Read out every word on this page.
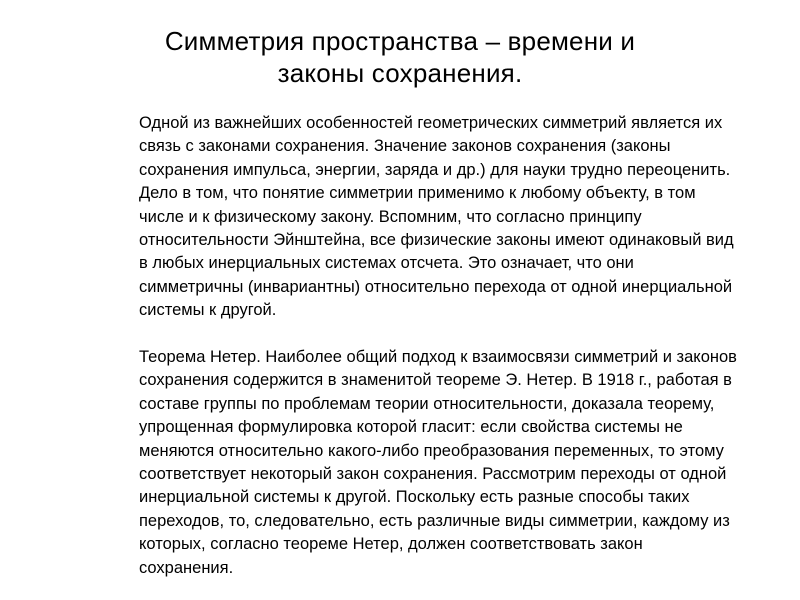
Симметрия пространства – времени и
законы сохранения.
Одной из важнейших особенностей геометрических симметрий является их
связь с законами сохранения. Значение законов сохранения (законы
сохранения импульса, энергии, заряда и др.) для науки трудно переоценить.
Дело в том, что понятие симметрии применимо к любому объекту, в том
числе и к физическому закону. Вспомним, что согласно принципу
относительности Эйнштейна, все физические законы имеют одинаковый вид
в любых инерциальных системах отсчета. Это означает, что они
симметричны (инвариантны) относительно перехода от одной инерциальной
системы к другой.
Теорема Нетер. Наиболее общий подход к взаимосвязи симметрий и законов
сохранения содержится в знаменитой теореме Э. Нетер. В 1918 г., работая в
составе группы по проблемам теории относительности, доказала теорему,
упрощенная формулировка которой гласит: если свойства системы не
меняются относительно какого-либо преобразования переменных, то этому
соответствует некоторый закон сохранения. Рассмотрим переходы от одной
инерциальной системы к другой. Поскольку есть разные способы таких
переходов, то, следовательно, есть различные виды симметрии, каждому из
которых, согласно теореме Нетер, должен соответствовать закон
сохранения.
